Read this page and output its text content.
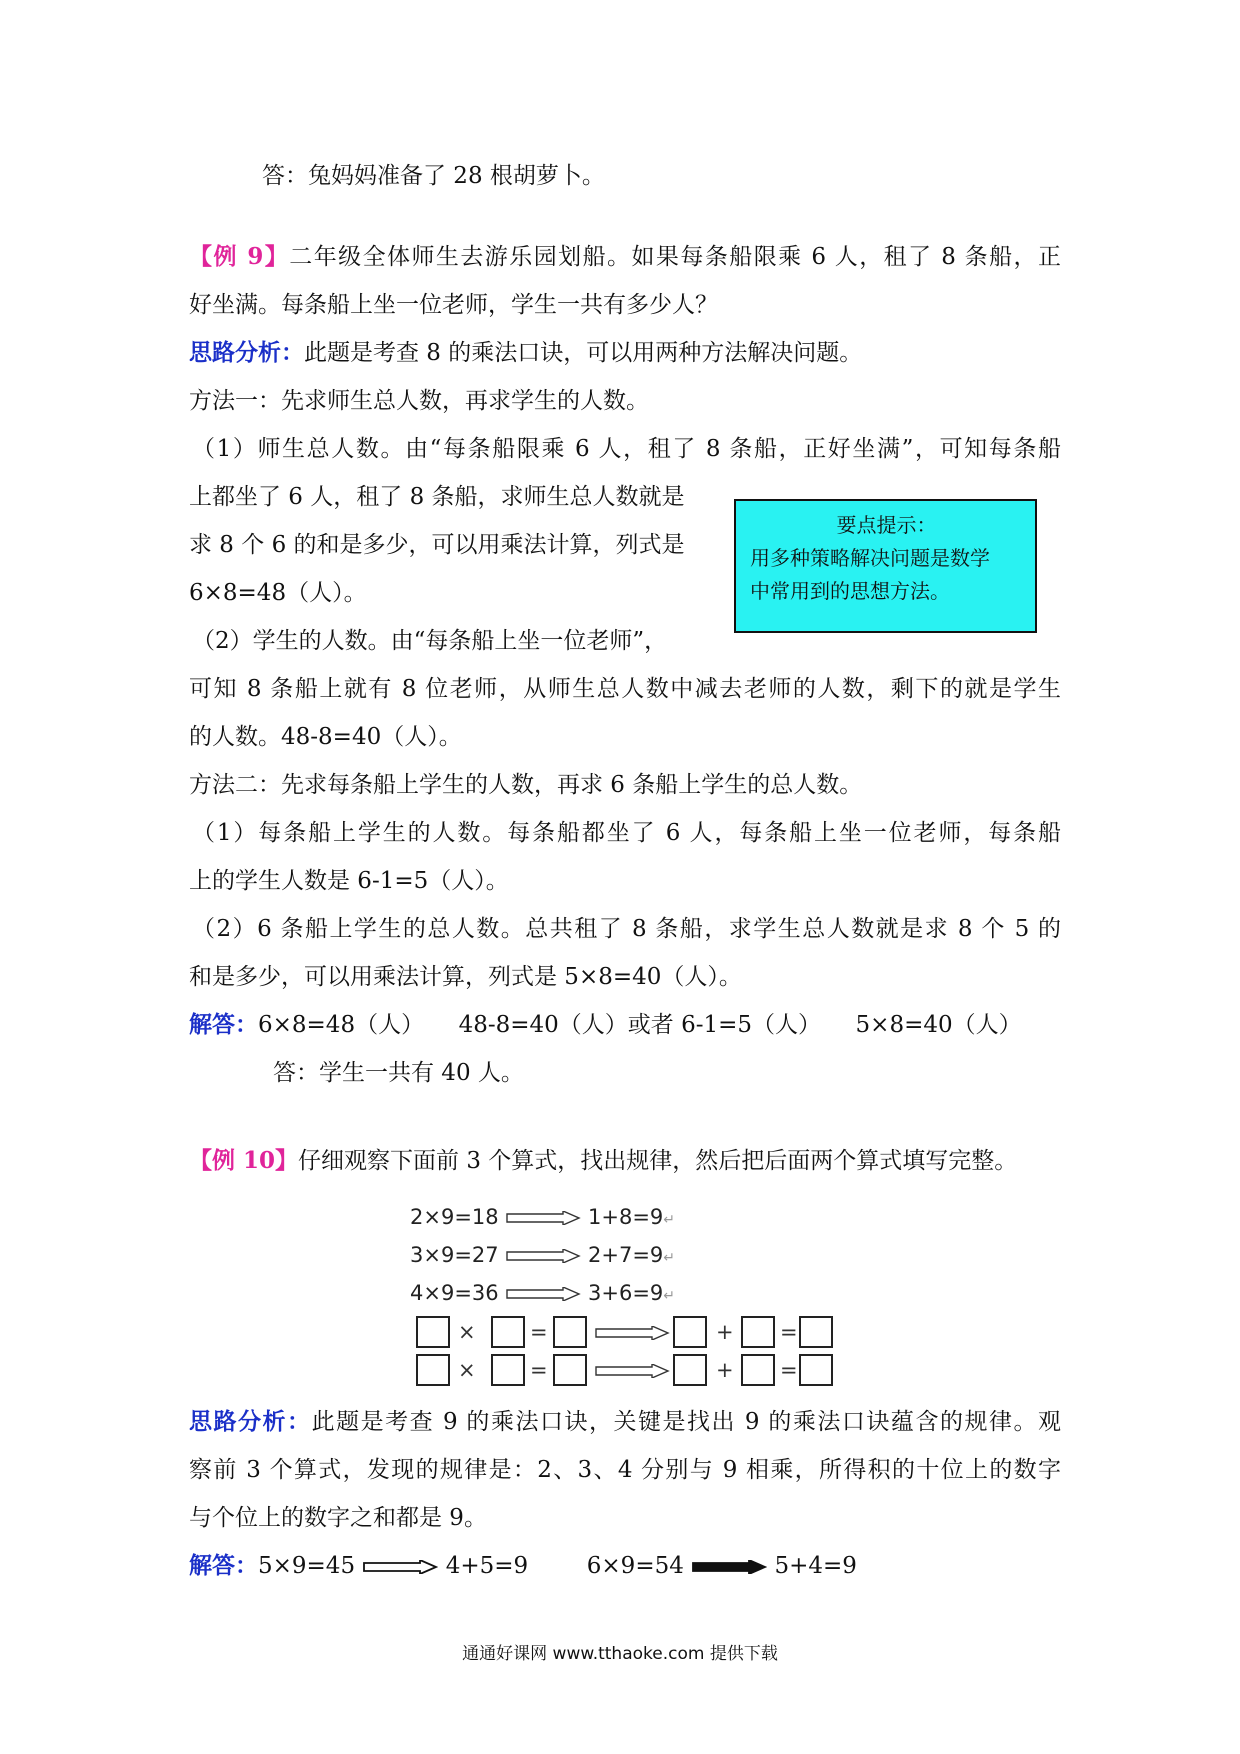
答：兔妈妈准备了 28 根胡萝卜。
【例 9】二年级全体师生去游乐园划船。如果每条船限乘 6 人，租了 8 条船，正
好坐满。每条船上坐一位老师，学生一共有多少人？
思路分析：此题是考查 8 的乘法口诀，可以用两种方法解决问题。
方法一：先求师生总人数，再求学生的人数。
（1）师生总人数。由“每条船限乘 6 人，租了 8 条船，正好坐满”，可知每条船
上都坐了 6 人，租了 8 条船，求师生总人数就是
求 8 个 6 的和是多少，可以用乘法计算，列式是
6×8=48（人）。
（2）学生的人数。由“每条船上坐一位老师”，
可知 8 条船上就有 8 位老师，从师生总人数中减去老师的人数，剩下的就是学生
的人数。48-8=40（人）。
方法二：先求每条船上学生的人数，再求 6 条船上学生的总人数。
（1）每条船上学生的人数。每条船都坐了 6 人，每条船上坐一位老师，每条船
上的学生人数是 6-1=5（人）。
（2）6 条船上学生的总人数。总共租了 8 条船，求学生总人数就是求 8 个 5 的
和是多少，可以用乘法计算，列式是 5×8=40（人）。
解答：6×8=48（人）　　48-8=40（人）或者 6-1=5（人）　　5×8=40（人）
答：学生一共有 40 人。
要点提示：
用多种策略解决问题是数学
中常用到的思想方法。
【例 10】仔细观察下面前 3 个算式，找出规律，然后把后面两个算式填写完整。
2×9=18	1+8=9↵
3×9=27	2+7=9↵
4×9=36	3+6=9↵
×	=	+ =
×	=	+ =
思路分析：此题是考查 9 的乘法口诀，关键是找出 9 的乘法口诀蕴含的规律。观
察前 3 个算式，发现的规律是：2、3、4 分别与 9 相乘，所得积的十位上的数字
与个位上的数字之和都是 9。
解答：5×9=45	4+5=9	6×9=54	5+4=9
通通好课网 www.tthaoke.com 提供下载
